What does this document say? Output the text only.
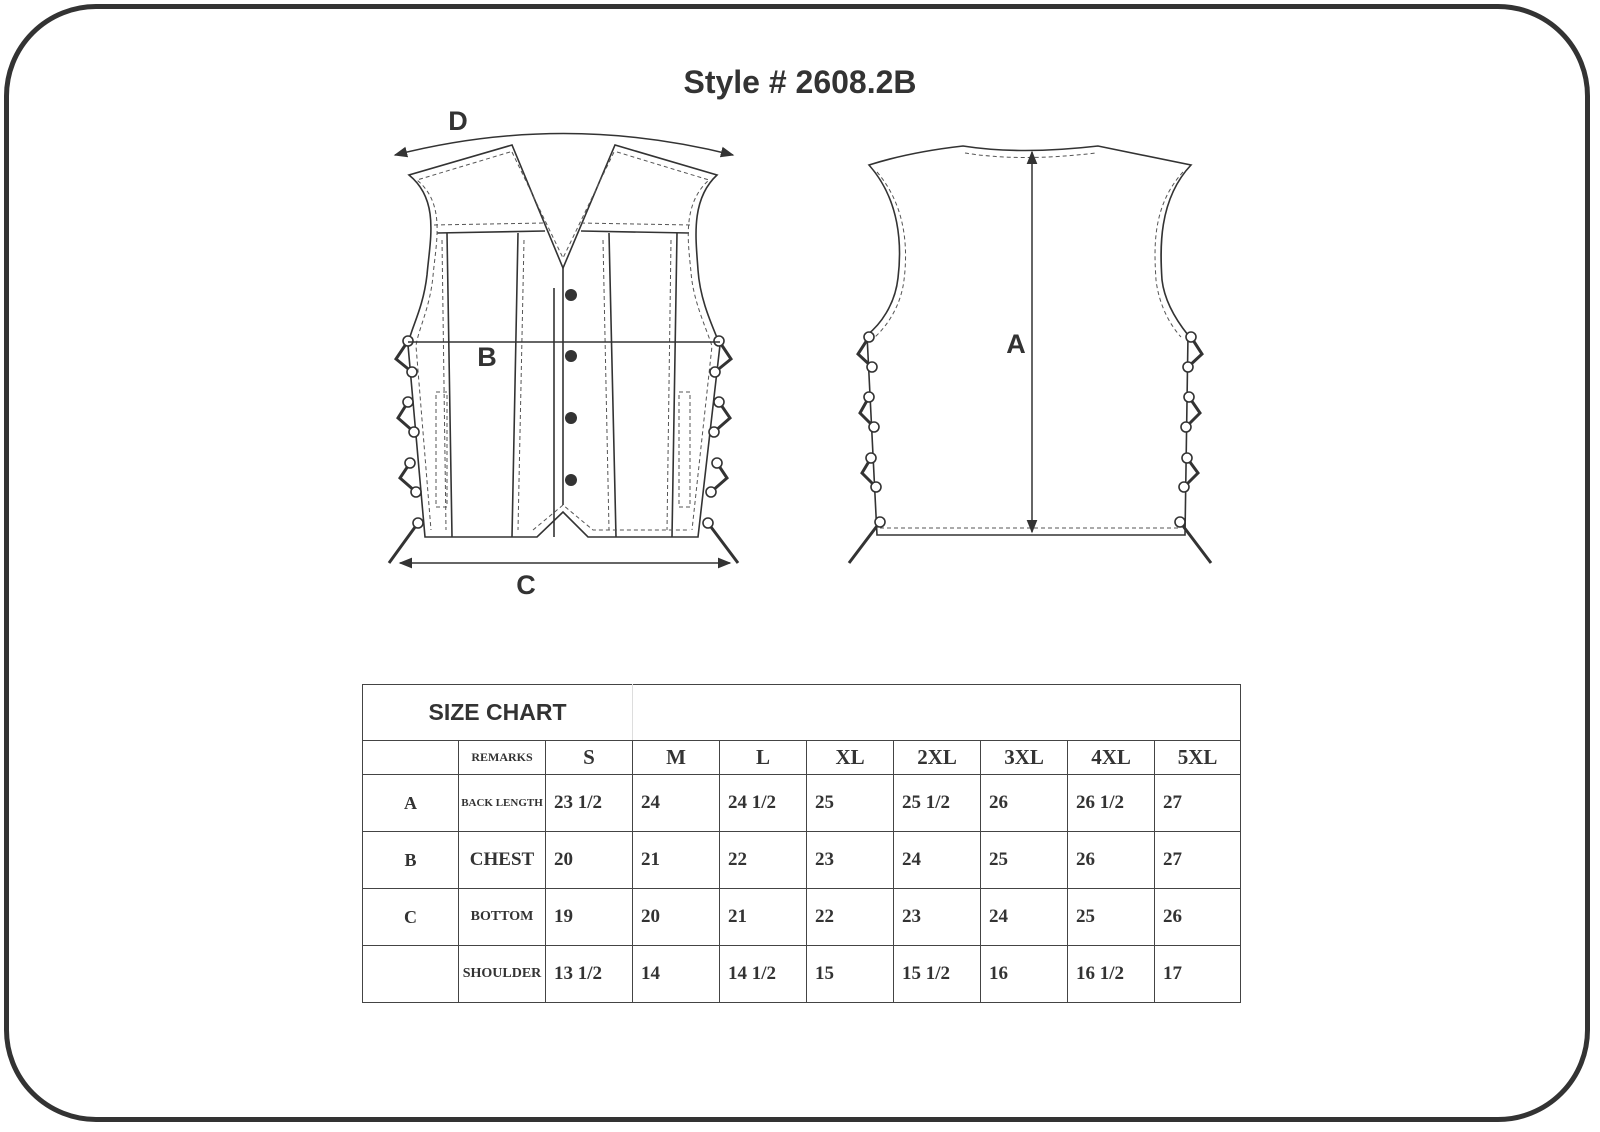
Style # 2608.2B
D
B
C
A
SIZE CHART									
	REMARKS	S	M	L	XL	2XL	3XL	4XL	5XL
A	BACK LENGTH	23 1/2	24	24 1/2	25	25 1/2	26	26 1/2	27
B	CHEST	20	21	22	23	24	25	26	27
C	BOTTOM	19	20	21	22	23	24	25	26
	SHOULDER	13 1/2	14	14 1/2	15	15 1/2	16	16 1/2	17
